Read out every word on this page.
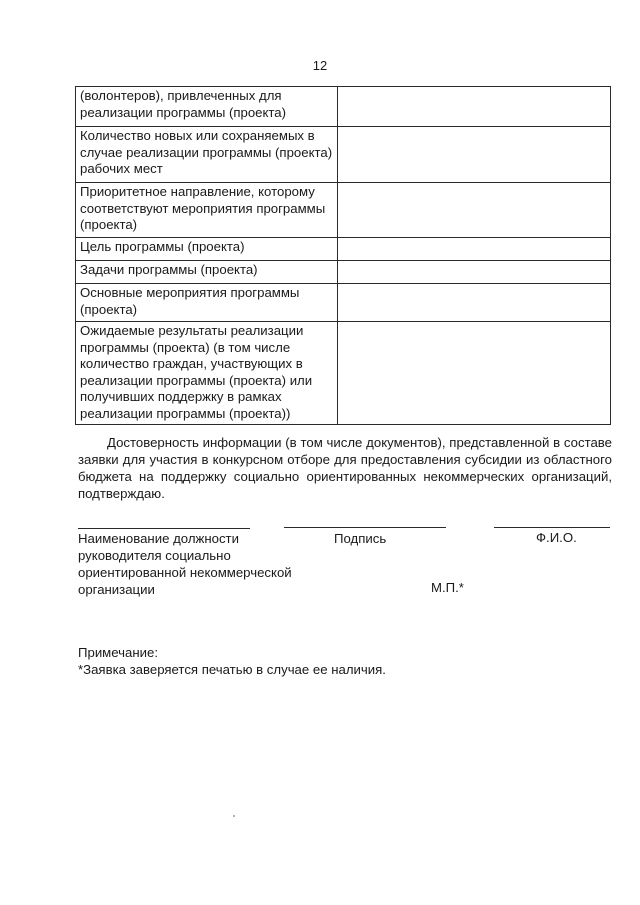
12
(волонтеров), привлеченных для реализации программы (проекта)	
Количество новых или сохраняемых в случае реализации программы (проекта) рабочих мест	
Приоритетное направление, которому соответствуют мероприятия программы (проекта)	
Цель программы (проекта)	
Задачи программы (проекта)	
Основные мероприятия программы (проекта)	
Ожидаемые результаты реализации программы (проекта) (в том числе количество граждан, участвующих в реализации программы (проекта) или получивших поддержку в рамках реализации программы (проекта))	

Достоверность информации (в том числе документов), представленной в составе заявки для участия в конкурсном отборе для предоставления субсидии из областного бюджета на поддержку социально ориентированных некоммерческих организаций, подтверждаю.

Наименование должности руководителя социально ориентированной некоммерческой организации

Подпись	Ф.И.О.
М.П.*
Примечание:
*Заявка заверяется печатью в случае ее наличия.
